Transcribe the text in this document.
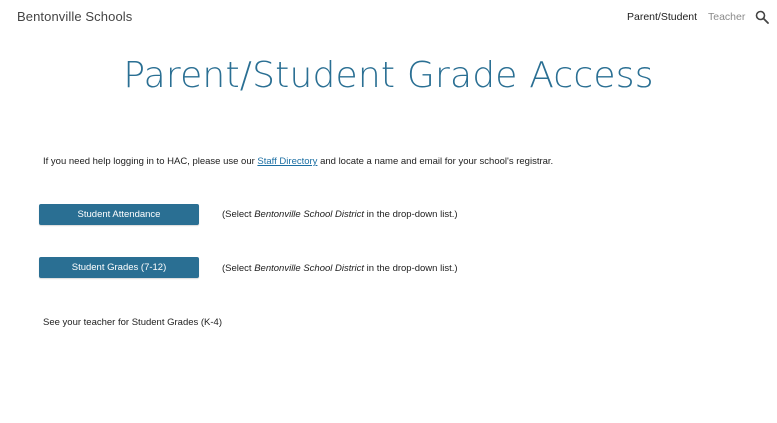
Bentonville Schools	Parent/Student Teacher
Parent/Student Grade Access
If you need help logging in to HAC, please use our Staff Directory and locate a name and email for your school's registrar.
Student Attendance	(Select Bentonville School District in the drop-down list.)
Student Grades (7-12)	(Select Bentonville School District in the drop-down list.)
See your teacher for Student Grades (K-4)
